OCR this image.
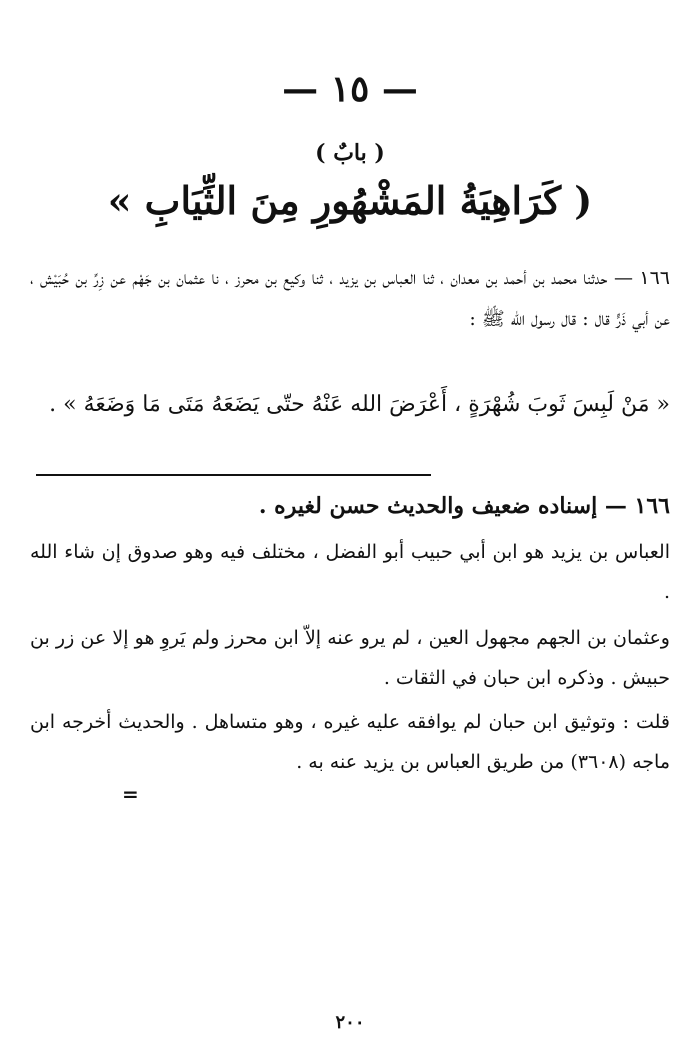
— ١٥ —
( بابٌ )
( كَرَاهِيَةُ المَشْهُورِ مِنَ الثِّيَابِ »
١٦٦ — حدثنا محمد بن أحمد بن معدان ، ثنا العباس بن يزيد ، ثنا وكيع بن محرز ، نا عثمان بن جَهْم عن زِرِّ بن حُبَيْش ، عن أبي ذَرٍّ قال : قال رسول الله ﷺ :
« مَنْ لَبِسَ ثَوبَ شُهْرَةٍ ، أَعْرَضَ الله عَنْهُ حتّى يَضَعَهُ مَتَى مَا وَضَعَهُ » .
١٦٦ — إسناده ضعيف والحديث حسن لغيره .
العباس بن يزيد هو ابن أبي حبيب أبو الفضل ، مختلف فيه وهو صدوق إن شاء الله .
وعثمان بن الجهم مجهول العين ، لم يرو عنه إلاّ ابن محرز ولم يَروِ هو إلا عن زر بن حبيش . وذكره ابن حبان في الثقات .
قلت : وتوثيق ابن حبان لم يوافقه عليه غيره ، وهو متساهل . والحديث أخرجه ابن ماجه (٣٦٠٨) من طريق العباس بن يزيد عنه به .
=
٢٠٠
